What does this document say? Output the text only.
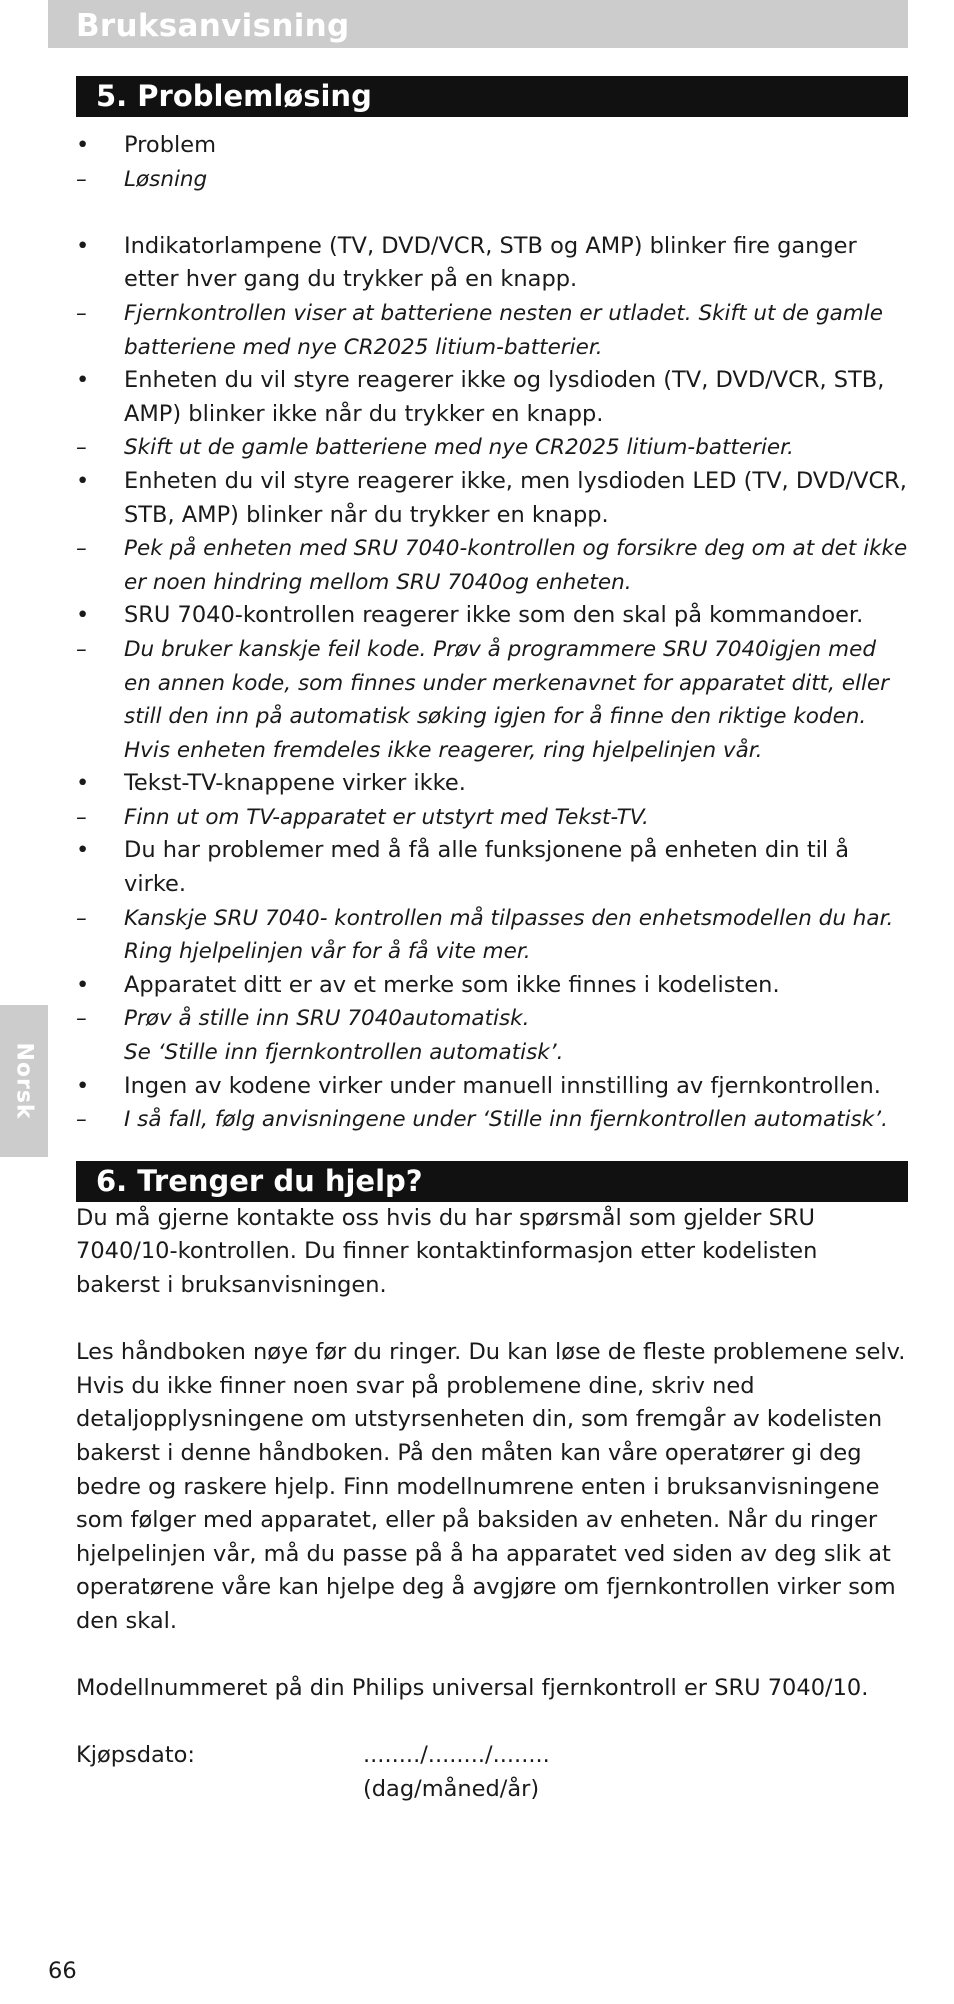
Bruksanvisning
Norsk
5. Problemløsing
• Problem
– Løsning
• Indikatorlampene (TV, DVD/VCR, STB og AMP) blinker fire ganger etter hver gang du trykker på en knapp.
– Fjernkontrollen viser at batteriene nesten er utladet. Skift ut de gamle batteriene med nye CR2025 litium-batterier.
• Enheten du vil styre reagerer ikke og lysdioden (TV, DVD/VCR, STB, AMP) blinker ikke når du trykker en knapp.
– Skift ut de gamle batteriene med nye CR2025 litium-batterier.
• Enheten du vil styre reagerer ikke, men lysdioden LED (TV, DVD/VCR, STB, AMP) blinker når du trykker en knapp.
– Pek på enheten med SRU 7040-kontrollen og forsikre deg om at det ikke er noen hindring mellom SRU 7040og enheten.
• SRU 7040-kontrollen reagerer ikke som den skal på kommandoer.
– Du bruker kanskje feil kode. Prøv å programmere SRU 7040igjen med en annen kode, som finnes under merkenavnet for apparatet ditt, eller still den inn på automatisk søking igjen for å finne den riktige koden.
Hvis enheten fremdeles ikke reagerer, ring hjelpelinjen vår.
• Tekst-TV-knappene virker ikke.
– Finn ut om TV-apparatet er utstyrt med Tekst-TV.
• Du har problemer med å få alle funksjonene på enheten din til å virke.
– Kanskje SRU 7040- kontrollen må tilpasses den enhetsmodellen du har.
Ring hjelpelinjen vår for å få vite mer.
• Apparatet ditt er av et merke som ikke finnes i kodelisten.
– Prøv å stille inn SRU 7040automatisk.
Se ‘Stille inn fjernkontrollen automatisk’.
• Ingen av kodene virker under manuell innstilling av fjernkontrollen.
– I så fall, følg anvisningene under ‘Stille inn fjernkontrollen automatisk’.
6. Trenger du hjelp?
Du må gjerne kontakte oss hvis du har spørsmål som gjelder SRU 7040/10-kontrollen. Du finner kontaktinformasjon etter kodelisten bakerst i bruksanvisningen.
Les håndboken nøye før du ringer. Du kan løse de fleste problemene selv. Hvis du ikke finner noen svar på problemene dine, skriv ned detaljopplysningene om utstyrsenheten din, som fremgår av kodelisten bakerst i denne håndboken. På den måten kan våre operatører gi deg bedre og raskere hjelp. Finn modellnumrene enten i bruksanvisningene som følger med apparatet, eller på baksiden av enheten. Når du ringer hjelpelinjen vår, må du passe på å ha apparatet ved siden av deg slik at operatørene våre kan hjelpe deg å avgjøre om fjernkontrollen virker som den skal.
Modellnummeret på din Philips universal fjernkontroll er SRU 7040/10.
Kjøpsdato:	......../......../........
(dag/måned/år)
66
